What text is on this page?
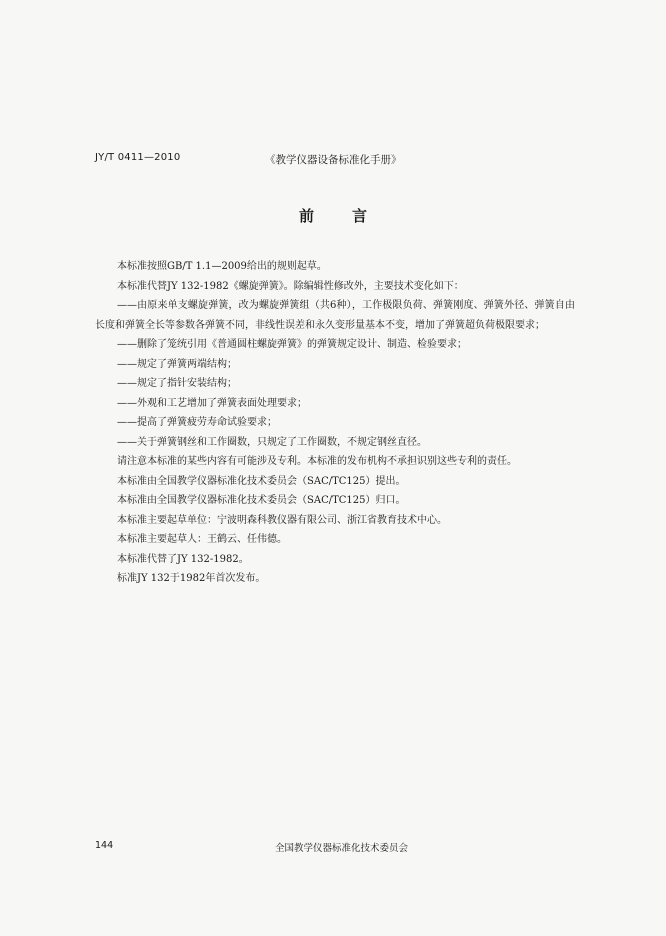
JY/T 0411—2010	《教学仪器设备标准化手册》
前言

本标准按照GB/T 1.1—2009给出的规则起草。

本标准代替JY 132-1982《螺旋弹簧》。除编辑性修改外，主要技术变化如下：

——由原来单支螺旋弹簧，改为螺旋弹簧组（共6种），工作极限负荷、弹簧刚度、弹簧外径、弹簧自由长度和弹簧全长等参数各弹簧不同，非线性误差和永久变形量基本不变，增加了弹簧超负荷极限要求；

——删除了笼统引用《普通圆柱螺旋弹簧》的弹簧规定设计、制造、检验要求；

——规定了弹簧两端结构；

——规定了指针安装结构；

——外观和工艺增加了弹簧表面处理要求；

——提高了弹簧疲劳寿命试验要求；

——关于弹簧钢丝和工作圈数，只规定了工作圈数，不规定钢丝直径。

请注意本标准的某些内容有可能涉及专利。本标准的发布机构不承担识别这些专利的责任。

本标准由全国教学仪器标准化技术委员会（SAC/TC125）提出。

本标准由全国教学仪器标准化技术委员会（SAC/TC125）归口。

本标准主要起草单位：宁波明森科教仪器有限公司、浙江省教育技术中心。

本标准主要起草人：王鹤云、任伟德。

本标准代替了JY 132-1982。

标准JY 132于1982年首次发布。

144	全国教学仪器标准化技术委员会
